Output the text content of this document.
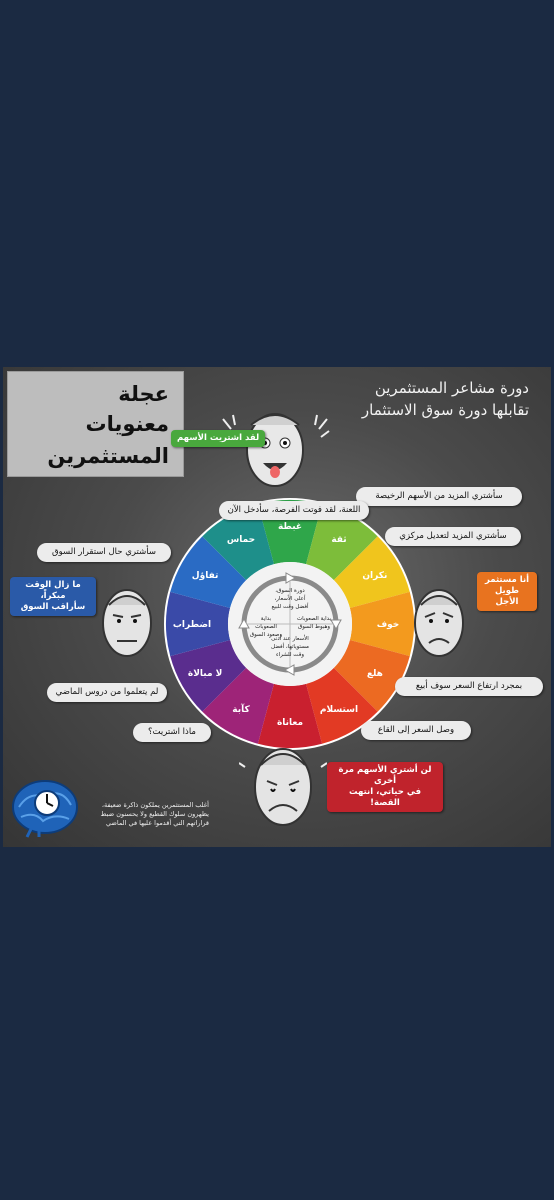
عجلة
معنويات
المستثمرين
دورة مشاعر المستثمرين
تقابلها دورة سوق الاستثمار
غبطة
ثقة
نكران
خوف
هلع
استسلام
معاناة
كآبة
لا مبالاة
اضطراب
تفاؤل
حماس
دورة السوق،
أعلى الأسعار،
أفضل وقت للبيع
بداية الصعوبات
وهبوط السوق
الأسعار عند أدنى
مستوياتها، أفضل
وقت للشراء
بداية
الصعوبات
وصعود السوق
لقد اشتريت الأسهم
سأشتري المزيد من الأسهم الرخيصة
اللعنة، لقد فوتت الفرصة، سأدخل الآن
سأشتري المزيد لتعديل مركزي
سأشتري حال استقرار السوق
أنا مستثمر
طويل الأجل
ما زال الوقت مبكراً،
سأراقب السوق
بمجرد ارتفاع السعر سوف أبيع
لم يتعلموا من دروس الماضي
وصل السعر إلى القاع
ماذا اشتريت؟
لن أشتري الأسهم مرة أخرى
في حياتي، انتهت القصة!
أغلب المستثمرين يملكون ذاكرة ضعيفة،
يظهرون سلوك القطيع ولا يحسنون ضبط
قراراتهم التي أقدموا عليها في الماضي
